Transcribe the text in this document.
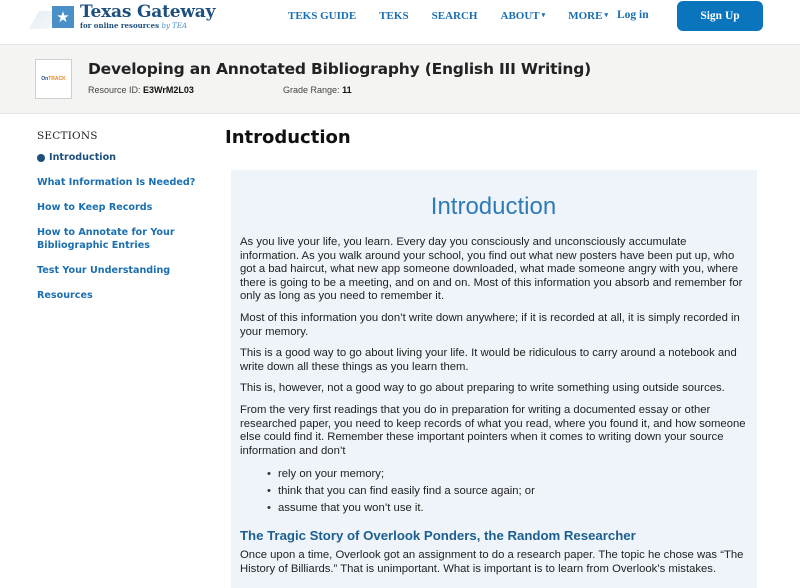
★ Texas Gateway
for online resources by TEA
TEKS GUIDE TEKS SEARCH ABOUT ▾ MORE ▾ Log in	Sign Up
OnTRACK
Developing an Annotated Bibliography (English III Writing)
Resource ID: E3WrM2L03	Grade Range: 11
SECTIONS
Introduction
What Information Is Needed?
How to Keep Records
How to Annotate for Your Bibliographic Entries
Test Your Understanding
Resources
Introduction
Introduction

As you live your life, you learn. Every day you consciously and unconsciously accumulate information. As you walk around your school, you find out what new posters have been put up, who got a bad haircut, what new app someone downloaded, what made someone angry with you, where there is going to be a meeting, and on and on. Most of this information you absorb and remember for only as long as you need to remember it.

Most of this information you don’t write down anywhere; if it is recorded at all, it is simply recorded in your memory.

This is a good way to go about living your life. It would be ridiculous to carry around a notebook and write down all these things as you learn them.

This is, however, not a good way to go about preparing to write something using outside sources.

From the very first readings that you do in preparation for writing a documented essay or other researched paper, you need to keep records of what you read, where you found it, and how someone else could find it. Remember these important pointers when it comes to writing down your source information and don’t

• rely on your memory;
• think that you can find easily find a source again; or
• assume that you won’t use it.
The Tragic Story of Overlook Ponders, the Random Researcher

Once upon a time, Overlook got an assignment to do a research paper. The topic he chose was “The History of Billiards.” That is unimportant. What is important is to learn from Overlook’s mistakes.
